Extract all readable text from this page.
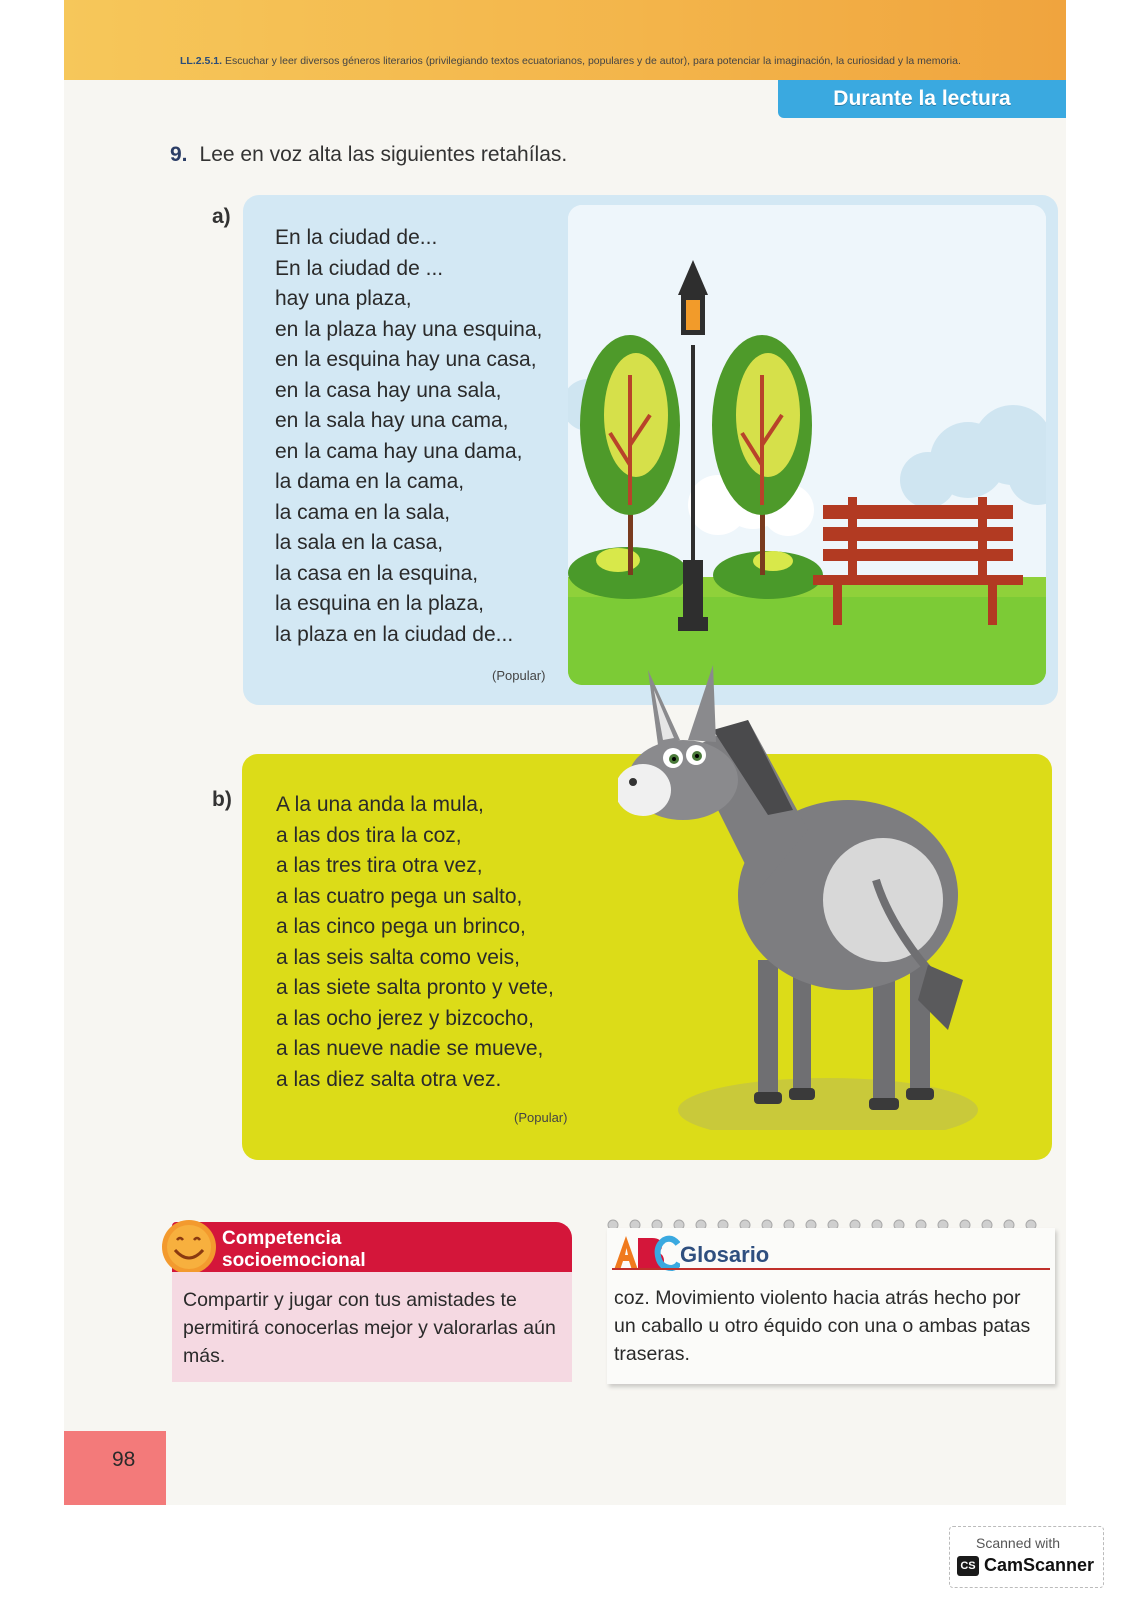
LL.2.5.1. Escuchar y leer diversos géneros literarios (privilegiando textos ecuatorianos, populares y de autor), para potenciar la imaginación, la curiosidad y la memoria.
Durante la lectura
9. Lee en voz alta las siguientes retahílas.
a)
En la ciudad de...
En la ciudad de ...
hay una plaza,
en la plaza hay una esquina,
en la esquina hay una casa,
en la casa hay una sala,
en la sala hay una cama,
en la cama hay una dama,
la dama en la cama,
la cama en la sala,
la sala en la casa,
la casa en la esquina,
la esquina en la plaza,
la plaza en la ciudad de...
(Popular)
b) A la una anda la mula,
a las dos tira la coz,
a las tres tira otra vez,
a las cuatro pega un salto,
a las cinco pega un brinco,
a las seis salta como veis,
a las siete salta pronto y vete,
a las ocho jerez y bizcocho,
a las nueve nadie se mueve,
a las diez salta otra vez.
(Popular)
Competencia
socioemocional
Compartir y jugar con tus amistades te permitirá conocerlas mejor y valorarlas aún más.
Glosario
coz. Movimiento violento hacia atrás hecho por un caballo u otro équido con una o ambas patas traseras.
98
Scanned with
CS CamScanner
